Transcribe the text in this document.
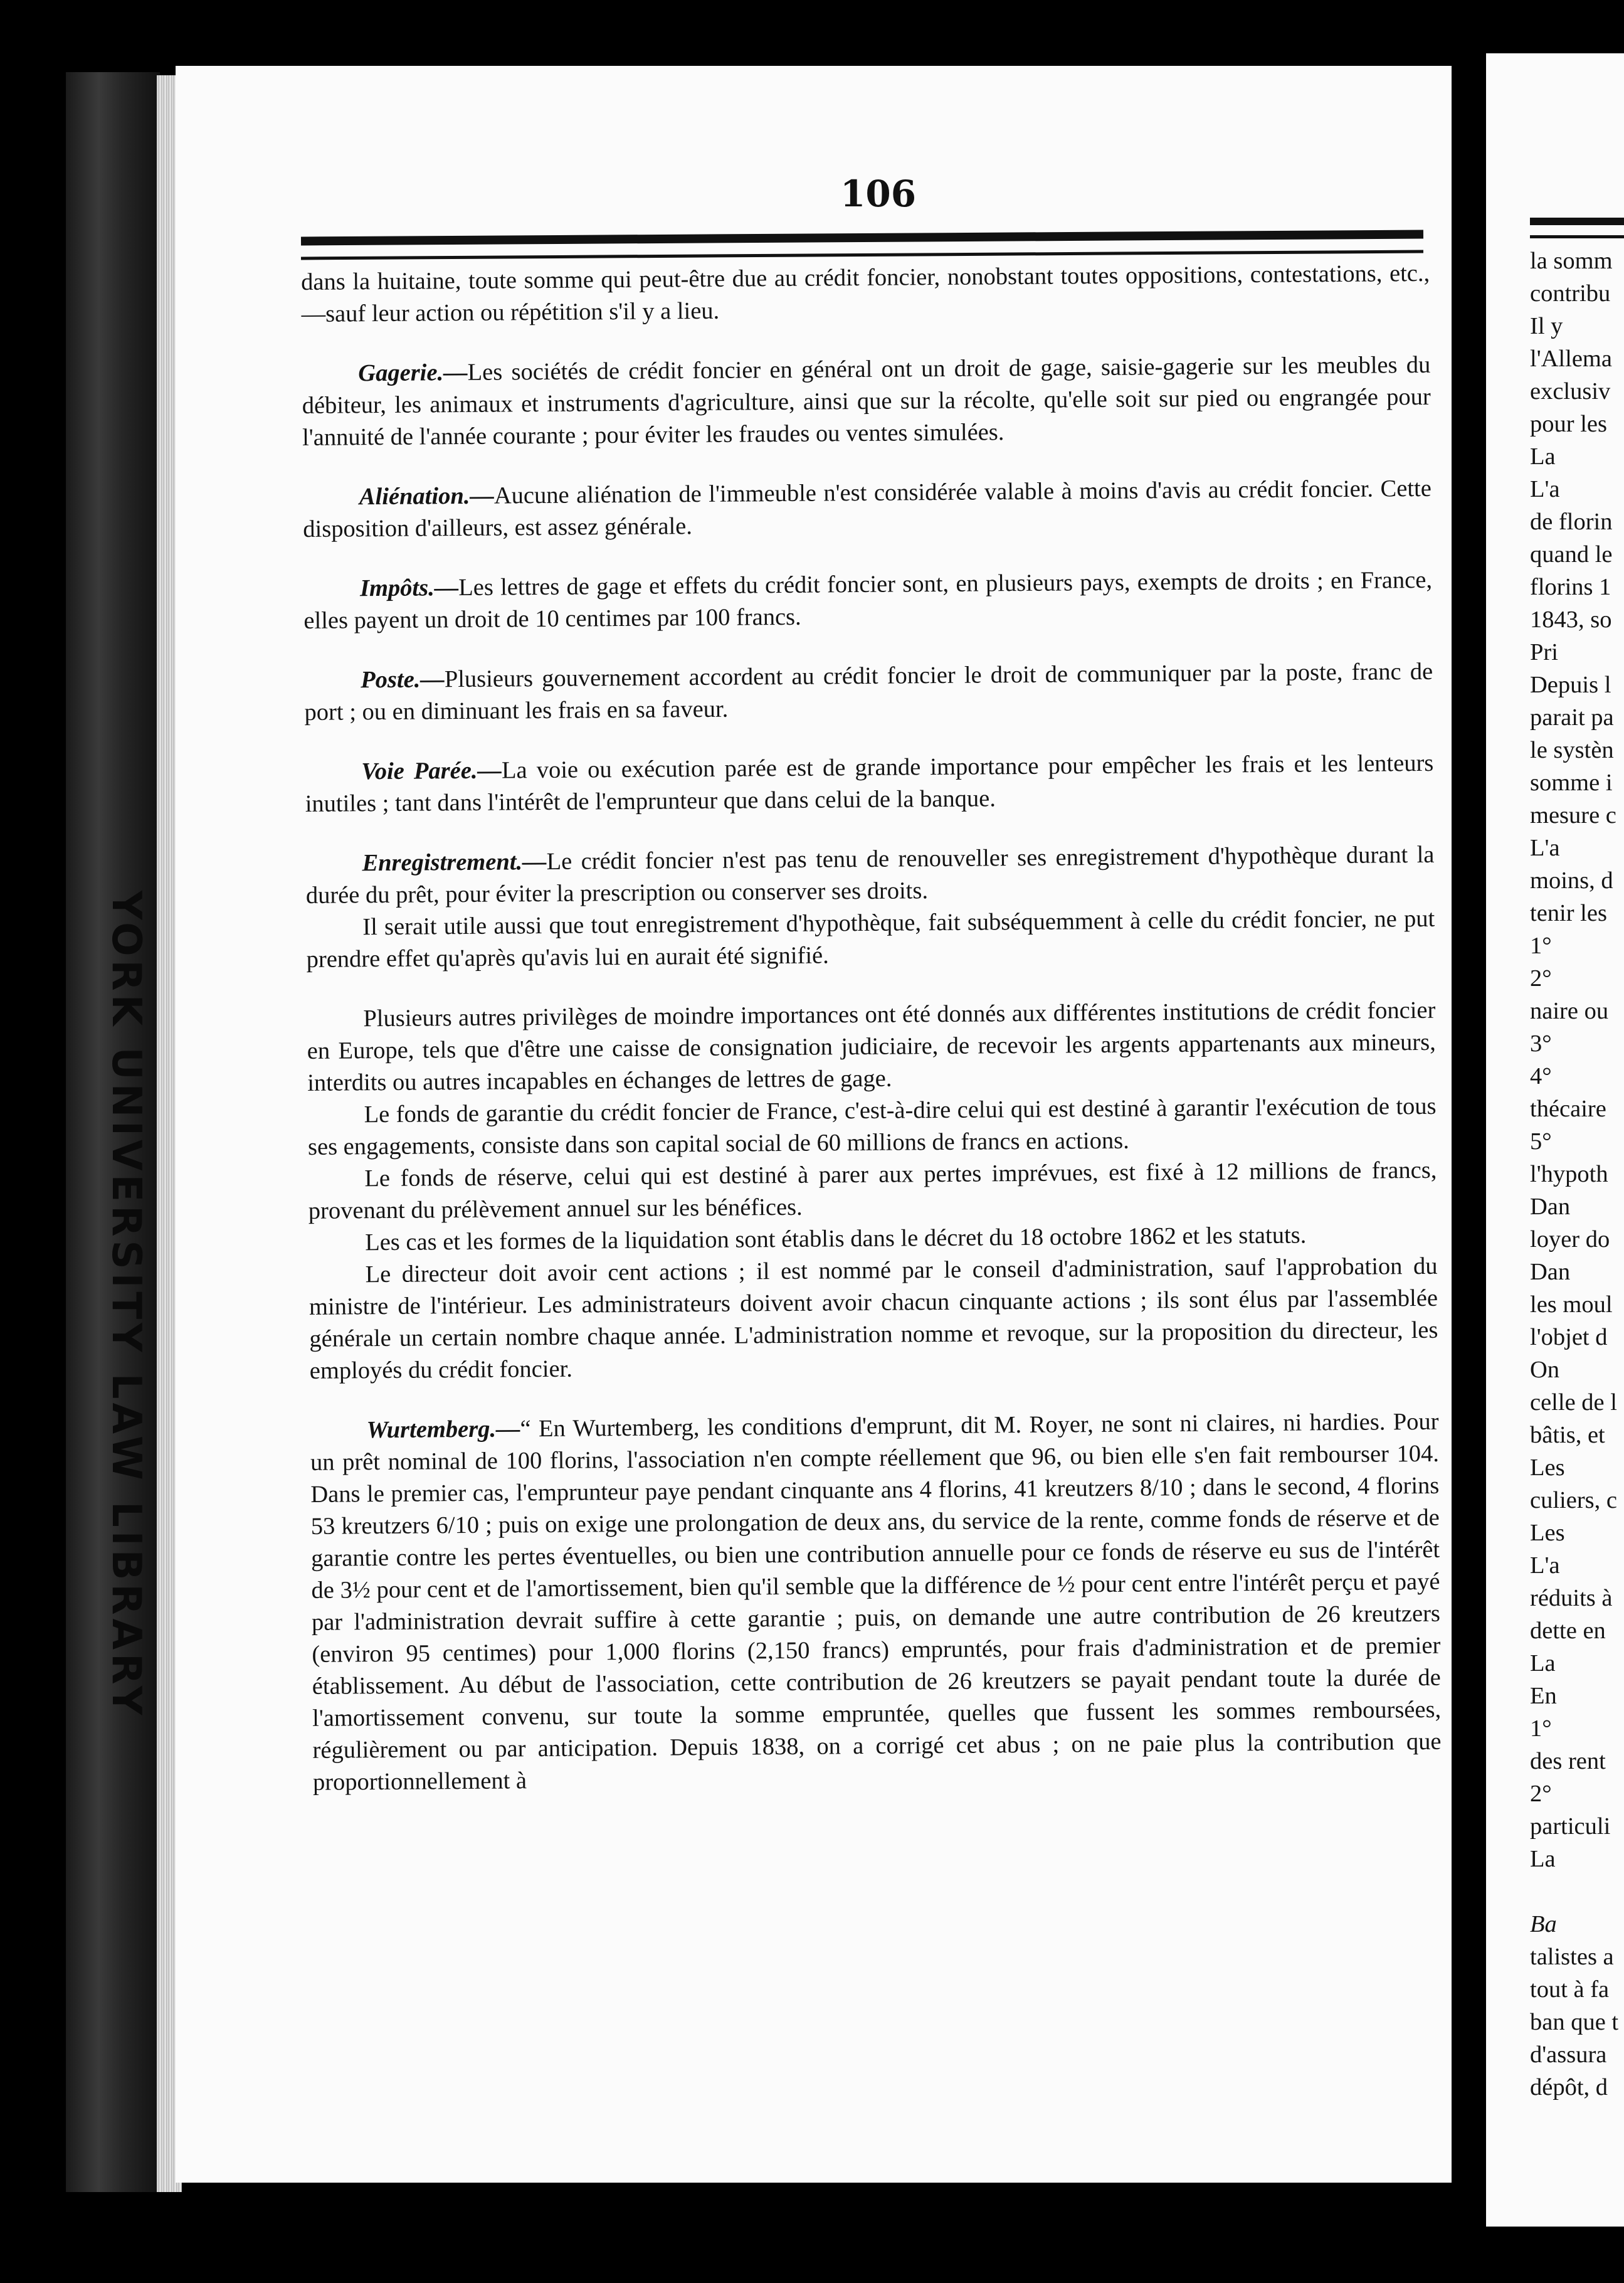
YORK UNIVERSITY LAW LIBRARY
106

dans la huitaine, toute somme qui peut-être due au crédit foncier, nonobstant toutes oppositions, contestations, etc.,—sauf leur action ou répétition s'il y a lieu.

Gagerie.—Les sociétés de crédit foncier en général ont un droit de gage, saisie-gagerie sur les meubles du débiteur, les animaux et instruments d'agriculture, ainsi que sur la récolte, qu'elle soit sur pied ou engrangée pour l'annuité de l'année courante ; pour éviter les fraudes ou ventes simulées.

Aliénation.—Aucune aliénation de l'immeuble n'est considérée valable à moins d'avis au crédit foncier. Cette disposition d'ailleurs, est assez générale.

Impôts.—Les lettres de gage et effets du crédit foncier sont, en plusieurs pays, exempts de droits ; en France, elles payent un droit de 10 centimes par 100 francs.

Poste.—Plusieurs gouvernement accordent au crédit foncier le droit de communiquer par la poste, franc de port ; ou en diminuant les frais en sa faveur.

Voie Parée.—La voie ou exécution parée est de grande importance pour empêcher les frais et les lenteurs inutiles ; tant dans l'intérêt de l'emprunteur que dans celui de la banque.

Enregistrement.—Le crédit foncier n'est pas tenu de renouveller ses enregistrement d'hypothèque durant la durée du prêt, pour éviter la prescription ou conserver ses droits.

Il serait utile aussi que tout enregistrement d'hypothèque, fait subséquemment à celle du crédit foncier, ne put prendre effet qu'après qu'avis lui en aurait été signifié.

Plusieurs autres privilèges de moindre importances ont été donnés aux différentes institutions de crédit foncier en Europe, tels que d'être une caisse de consignation judiciaire, de recevoir les argents appartenants aux mineurs, interdits ou autres incapables en échanges de lettres de gage.

Le fonds de garantie du crédit foncier de France, c'est-à-dire celui qui est destiné à garantir l'exécution de tous ses engagements, consiste dans son capital social de 60 millions de francs en actions.

Le fonds de réserve, celui qui est destiné à parer aux pertes imprévues, est fixé à 12 millions de francs, provenant du prélèvement annuel sur les bénéfices.

Les cas et les formes de la liquidation sont établis dans le décret du 18 octobre 1862 et les statuts.

Le directeur doit avoir cent actions ; il est nommé par le conseil d'administration, sauf l'approbation du ministre de l'intérieur. Les administrateurs doivent avoir chacun cinquante actions ; ils sont élus par l'assemblée générale un certain nombre chaque année. L'administration nomme et revoque, sur la proposition du directeur, les employés du crédit foncier.

Wurtemberg.—“ En Wurtemberg, les conditions d'emprunt, dit M. Royer, ne sont ni claires, ni hardies. Pour un prêt nominal de 100 florins, l'association n'en compte réellement que 96, ou bien elle s'en fait rembourser 104. Dans le premier cas, l'emprunteur paye pendant cinquante ans 4 florins, 41 kreutzers 8/10 ; dans le second, 4 florins 53 kreutzers 6/10 ; puis on exige une prolongation de deux ans, du service de la rente, comme fonds de réserve et de garantie contre les pertes éventuelles, ou bien une contribution annuelle pour ce fonds de réserve eu sus de l'intérêt de 3½ pour cent et de l'amortissement, bien qu'il semble que la différence de ½ pour cent entre l'intérêt perçu et payé par l'administration devrait suffire à cette garantie ; puis, on demande une autre contribution de 26 kreutzers (environ 95 centimes) pour 1,000 florins (2,150 francs) empruntés, pour frais d'administration et de premier établissement. Au début de l'association, cette contribution de 26 kreutzers se payait pendant toute la durée de l'amortissement convenu, sur toute la somme empruntée, quelles que fussent les sommes remboursées, régulièrement ou par anticipation. Depuis 1838, on a corrigé cet abus ; on ne paie plus la contribution que proportionnellement à

la somm
contribu
Il y
l'Allema
exclusiv
pour les
La
L'a
de florin
quand le
florins 1
1843, so
Pri
Depuis l
parait pa
le systèn
somme i
mesure c
L'a
moins, d
tenir les
1°
2°
naire ou
3°
4°
thécaire
5°
l'hypoth
Dan
loyer do
Dan
les moul
l'objet d
On
celle de l
bâtis, et
Les
culiers, c
Les
L'a
réduits à
dette en
La
En
1°
des rent
2°
particuli
La
Ba
talistes a
tout à fa
ban que t
d'assura
dépôt, d
